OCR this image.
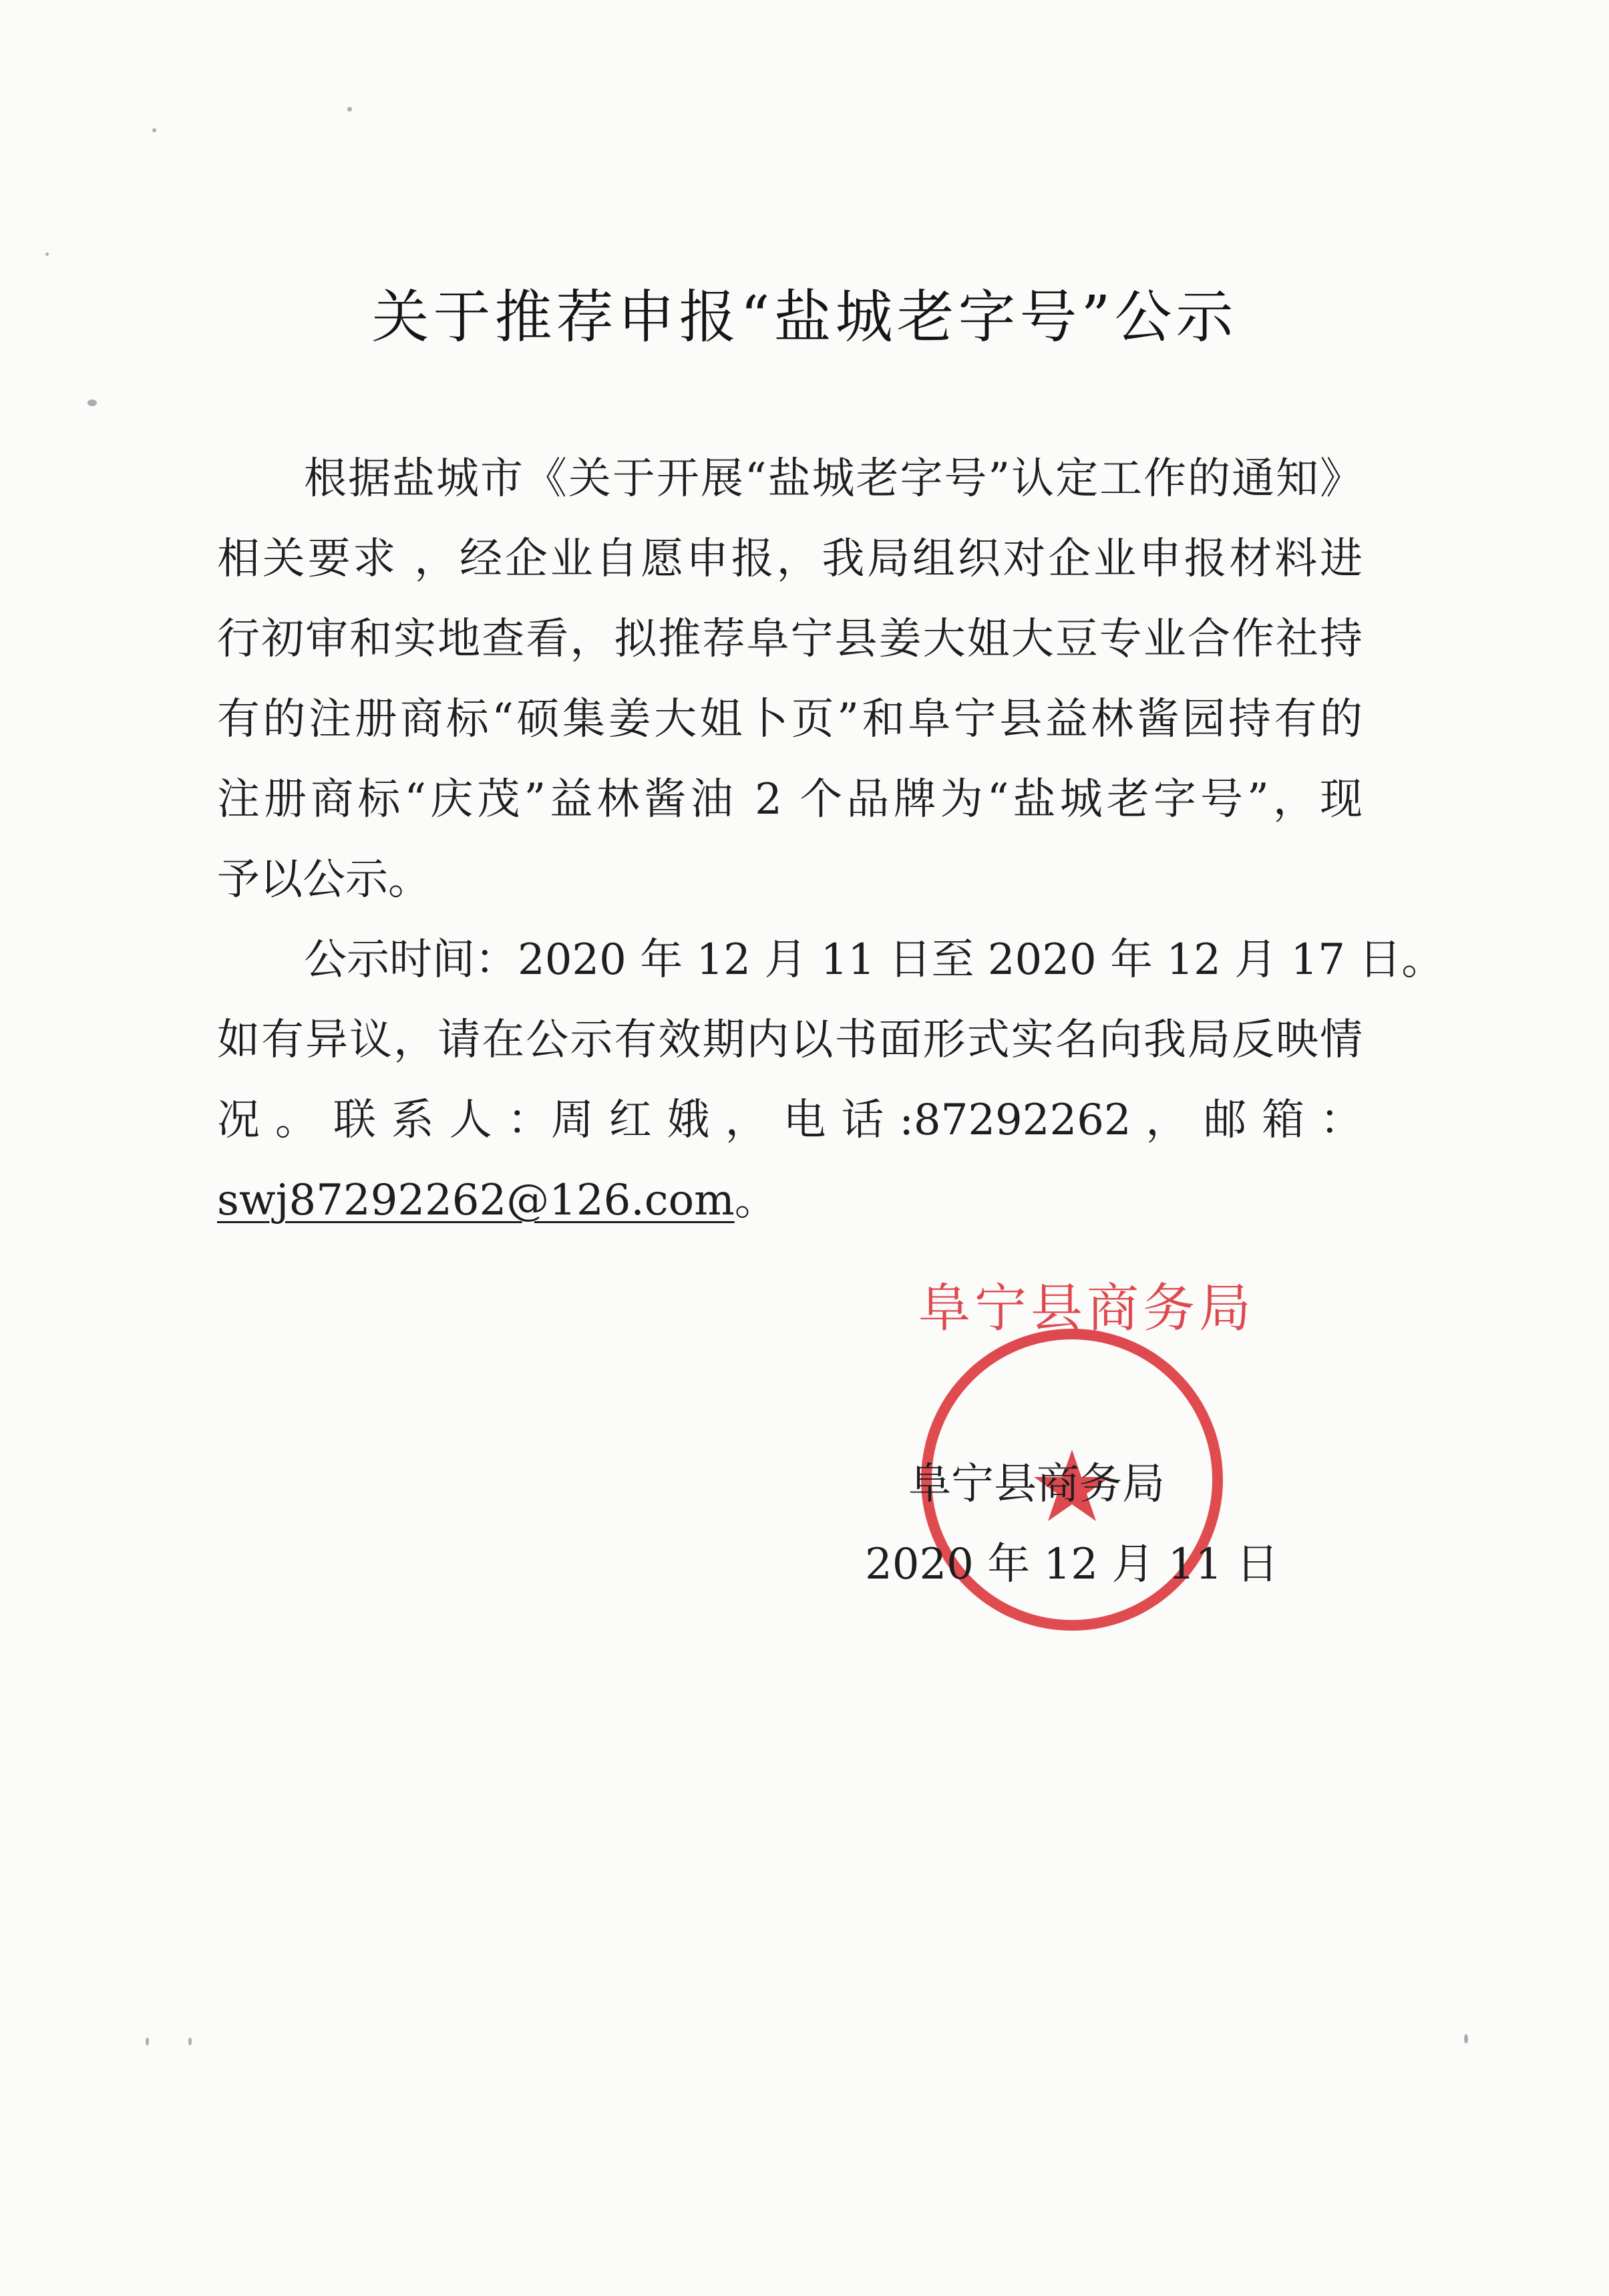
关于推荐申报“盐城老字号”公示
根据盐城市《关于开展“盐城老字号”认定工作的通知》
相关要求 ，经企业自愿申报，我局组织对企业申报材料进
行初审和实地查看，拟推荐阜宁县姜大姐大豆专业合作社持
有的注册商标“硕集姜大姐卜页”和阜宁县益林酱园持有的
注册商标“庆茂”益林酱油 2 个品牌为“盐城老字号”，现
予以公示。
公示时间：2020 年 12 月 11 日至 2020 年 12 月 17 日。
如有异议，请在公示有效期内以书面形式实名向我局反映情
况 。 联 系 人 ：周 红 娥 ， 电 话 :87292262 ， 邮 箱 ：
swj87292262@126.com。
阜宁县商务局
阜宁县商务局
2020 年 12 月 11 日
